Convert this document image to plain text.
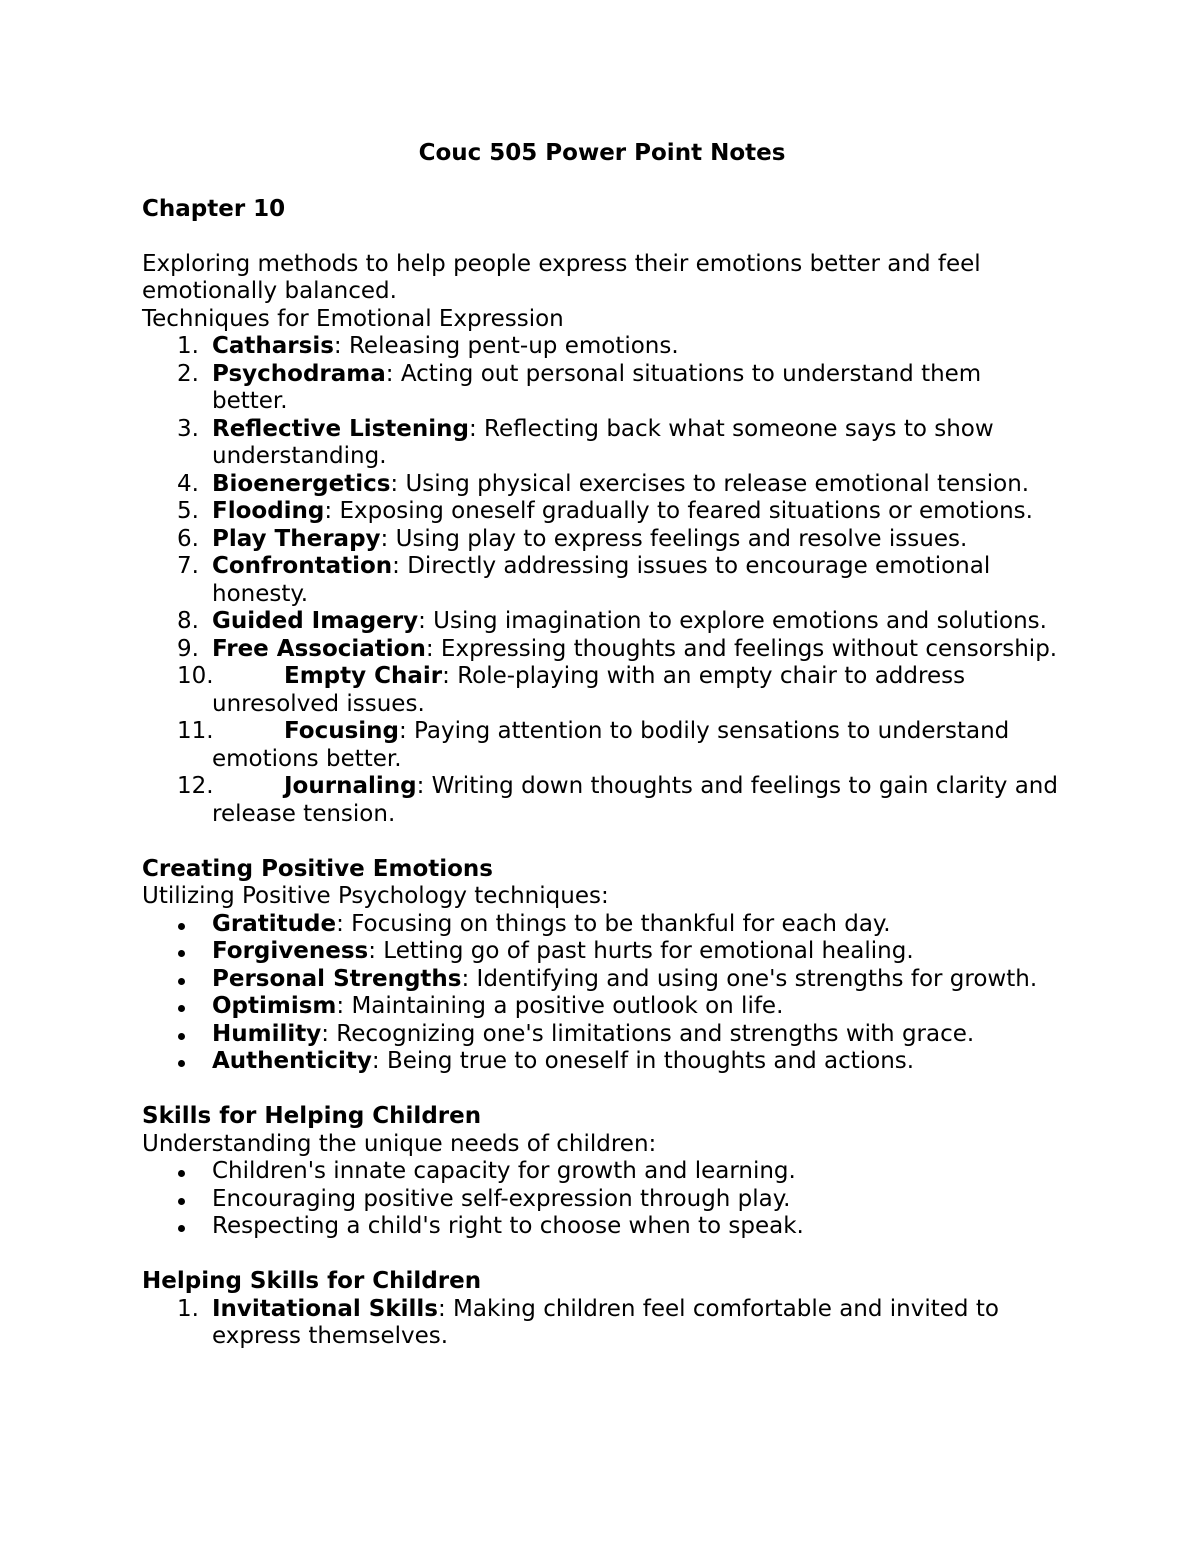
Couc 505 Power Point Notes

Chapter 10

Exploring methods to help people express their emotions better and feel emotionally balanced.

Techniques for Emotional Expression

1. Catharsis: Releasing pent-up emotions.
2. Psychodrama: Acting out personal situations to understand them better.
3. Reflective Listening: Reflecting back what someone says to show understanding.
4. Bioenergetics: Using physical exercises to release emotional tension.
5. Flooding: Exposing oneself gradually to feared situations or emotions.
6. Play Therapy: Using play to express feelings and resolve issues.
7. Confrontation: Directly addressing issues to encourage emotional honesty.
8. Guided Imagery: Using imagination to explore emotions and solutions.
9. Free Association: Expressing thoughts and feelings without censorship.
10.	Empty Chair: Role-playing with an empty chair to address unresolved issues.
11.	Focusing: Paying attention to bodily sensations to understand emotions better.
12.	Journaling: Writing down thoughts and feelings to gain clarity and release tension.

Creating Positive Emotions

Utilizing Positive Psychology techniques:

Gratitude: Focusing on things to be thankful for each day.
Forgiveness: Letting go of past hurts for emotional healing.
Personal Strengths: Identifying and using one's strengths for growth.
Optimism: Maintaining a positive outlook on life.
Humility: Recognizing one's limitations and strengths with grace.
Authenticity: Being true to oneself in thoughts and actions.

Skills for Helping Children

Understanding the unique needs of children:

Children's innate capacity for growth and learning.
Encouraging positive self-expression through play.
Respecting a child's right to choose when to speak.

Helping Skills for Children

1. Invitational Skills: Making children feel comfortable and invited to express themselves.
